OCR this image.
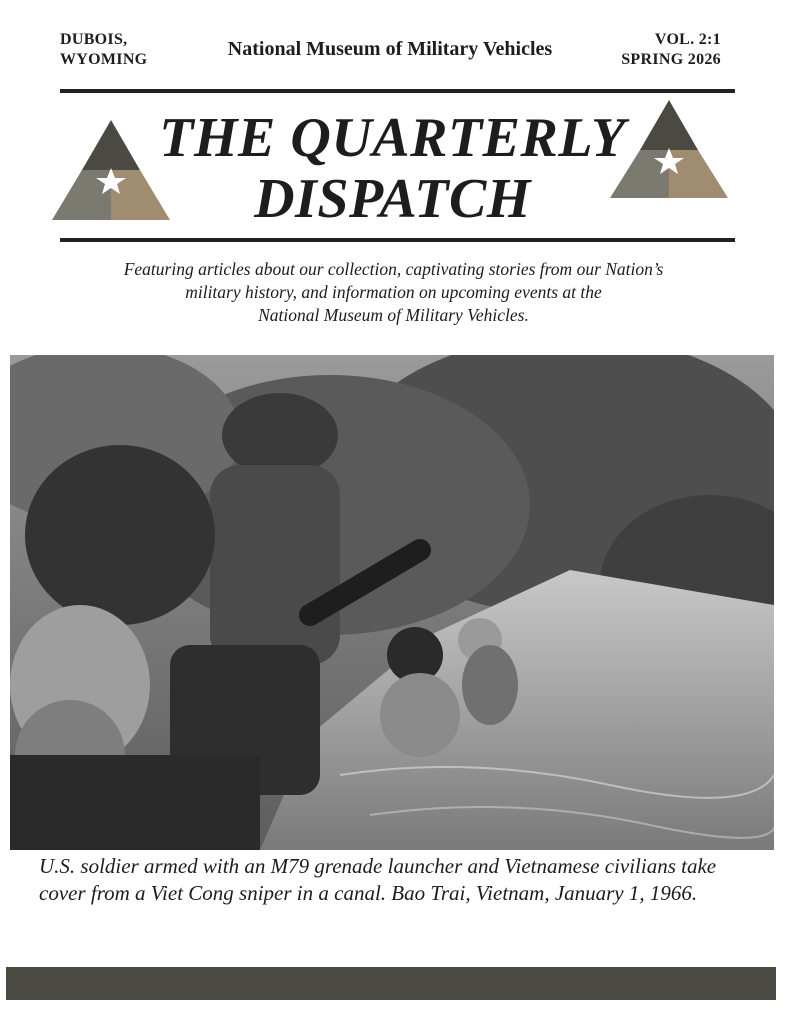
DUBOIS,
WYOMING	National Museum of Military Vehicles	VOL. 2:1
SPRING 2026
THE QUARTERLY
DISPATCH
Featuring articles about our collection, captivating stories from our Nation’s
military history, and information on upcoming events at the
National Museum of Military Vehicles.
U.S. soldier armed with an M79 grenade launcher and Vietnamese civilians take cover from a Viet Cong sniper in a canal. Bao Trai, Vietnam, January 1, 1966.
